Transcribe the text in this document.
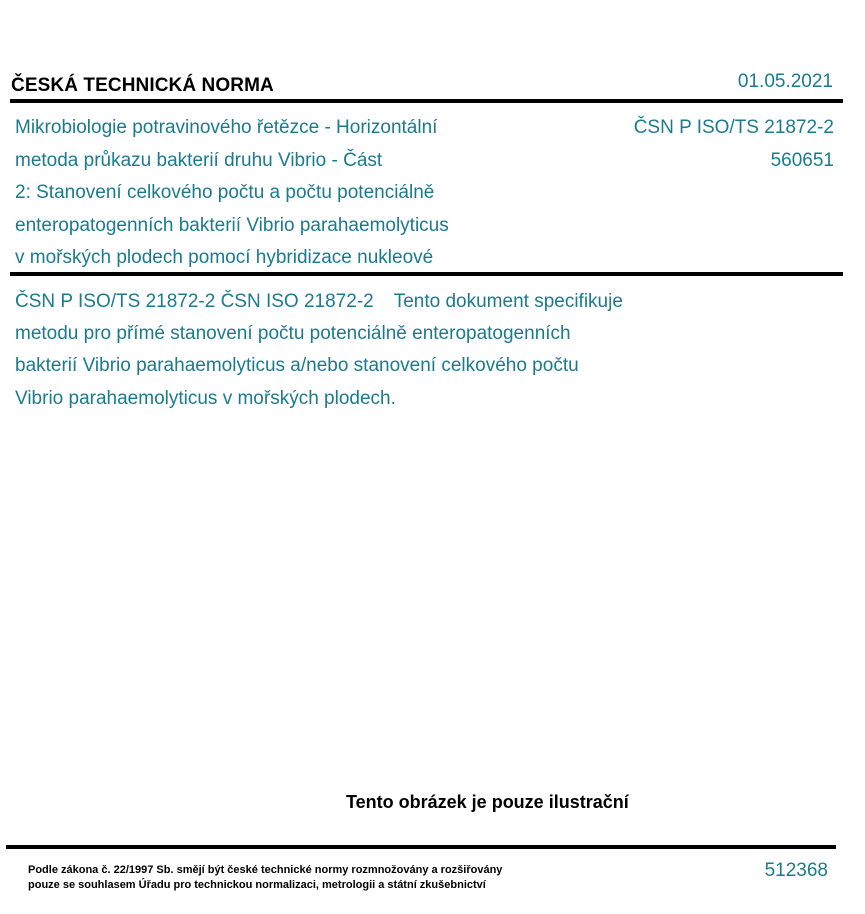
ČESKÁ TECHNICKÁ NORMA	01.05.2021
Mikrobiologie potravinového řetězce - Horizontální
metoda průkazu bakterií druhu Vibrio - Část
2: Stanovení celkového počtu a počtu potenciálně
enteropatogenních bakterií Vibrio parahaemolyticus
v mořských plodech pomocí hybridizace nukleové
ČSN P ISO/TS 21872-2
560651
ČSN P ISO/TS 21872-2 ČSN ISO 21872-2 Tento dokument specifikuje
metodu pro přímé stanovení počtu potenciálně enteropatogenních
bakterií Vibrio parahaemolyticus a/nebo stanovení celkového počtu
Vibrio parahaemolyticus v mořských plodech.
Tento obrázek je pouze ilustrační
Podle zákona č. 22/1997 Sb. smějí být české technické normy rozmnožovány a rozšiřovány
pouze se souhlasem Úřadu pro technickou normalizaci, metrologii a státní zkušebnictví
512368
